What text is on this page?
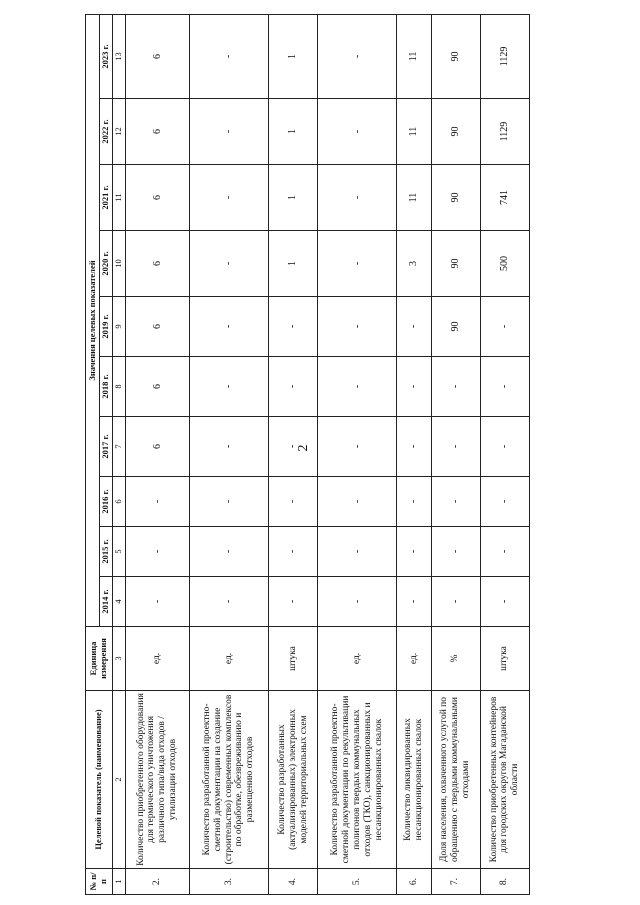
2
№ п/п	Целевой показатель (наименование)	Единица измерения	Значения целевых показателей									
			2014 г.	2015 г.	2016 г.	2017 г.	2018 г.	2019 г.	2020 г.	2021 г.	2022 г.	2023 г.
1	2	3	4	5	6	7	8	9	10	11	12	13
2.	Количество приобретенного оборудования для термического уничтожения различного типа/вида отходов /утилизации отходов	ед.	-	-	-	6	6	6	6	6	6	6
3.	Количество разработанной проектно-сметной документации на создание (строительство) современных комплексов по обработке, обезвреживанию и размещению отходов	ед.	-	-	-	-	-	-	-	-	-	-
4.	Количество разработанных (актуализированных) электронных моделей территориальных схем	штука	-	-	-	-	-	-	1	1	1	1
5.	Количество разработанной проектно-сметной документации по рекультивации полигонов твердых коммунальных отходов (ТКО), санкционированных и несанкционированных свалок	ед.	-	-	-	-	-	-	-	-	-	-
6.	Количество ликвидированных несанкционированных свалок	ед.	-	-	-	-	-	-	3	11	11	11
7.	Доля населения, охваченного услугой по обращению с твердыми коммунальными отходами	%	-	-	-	-	-	90	90	90	90	90
8.	Количество приобретенных контейнеров для городских округов Магаданской области	штука	-	-	-	-	-	-	500	741	1129	1129
